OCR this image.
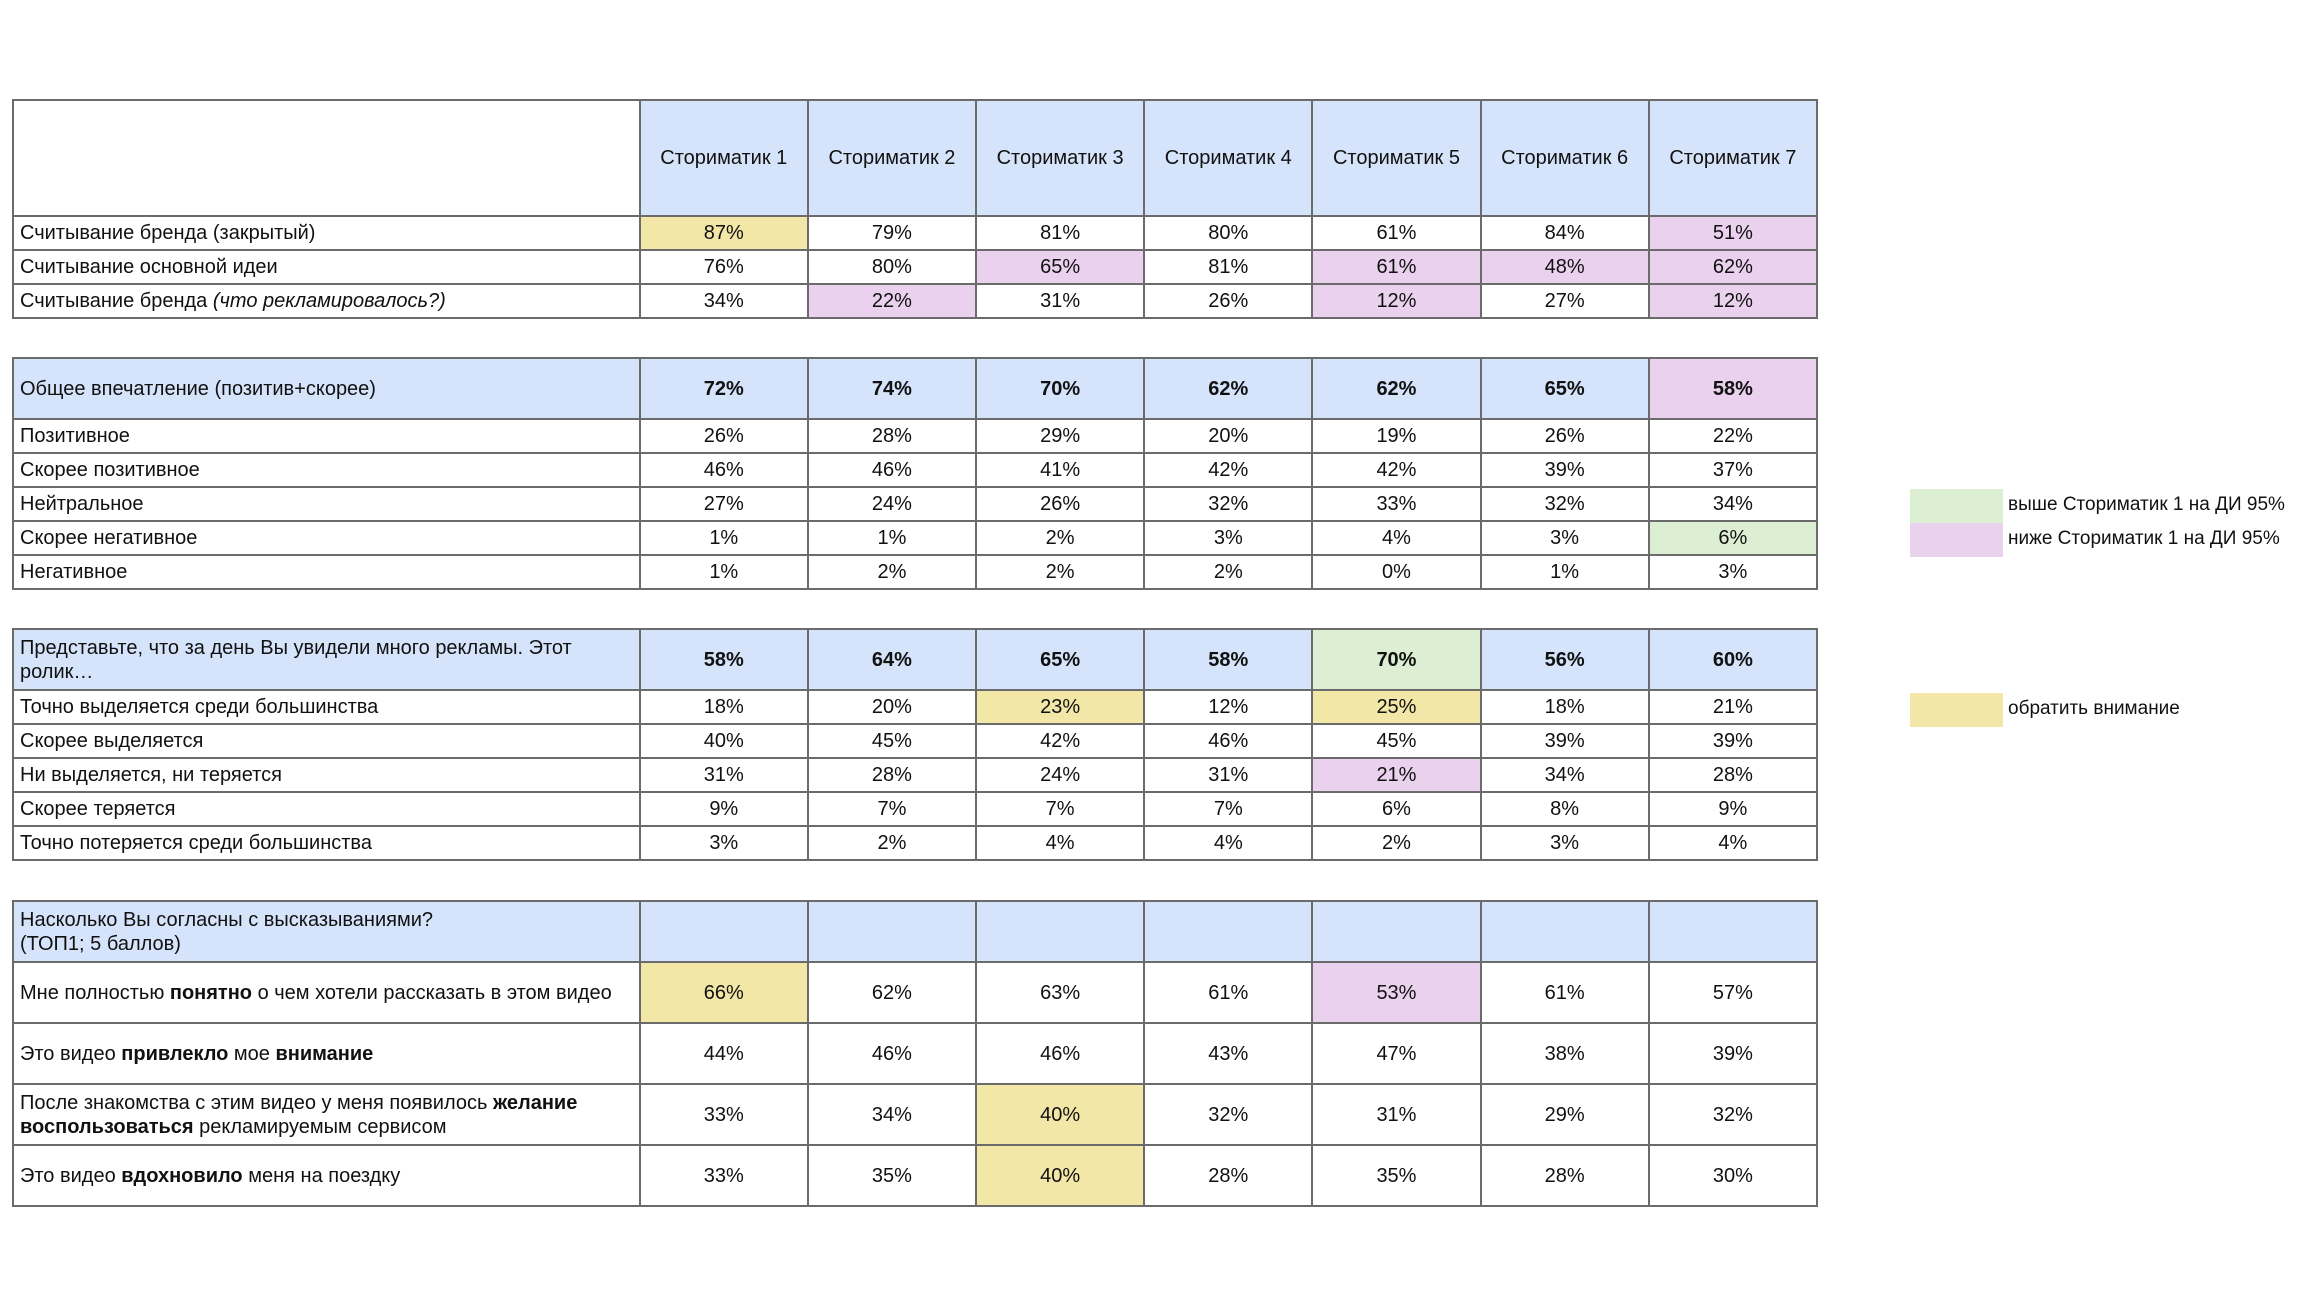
	Сториматик 1	Сториматик 2	Сториматик 3	Сториматик 4	Сториматик 5	Сториматик 6	Сториматик 7
Считывание бренда (закрытый)	87%	79%	81%	80%	61%	84%	51%
Считывание основной идеи	76%	80%	65%	81%	61%	48%	62%
Считывание бренда (что рекламировалось?)	34%	22%	31%	26%	12%	27%	12%
Общее впечатление (позитив+скорее)	72%	74%	70%	62%	62%	65%	58%
Позитивное	26%	28%	29%	20%	19%	26%	22%
Скорее позитивное	46%	46%	41%	42%	42%	39%	37%
Нейтральное	27%	24%	26%	32%	33%	32%	34%
Скорее негативное	1%	1%	2%	3%	4%	3%	6%
Негативное	1%	2%	2%	2%	0%	1%	3%
Представьте, что за день Вы увидели много рекламы. Этот ролик…	58%	64%	65%	58%	70%	56%	60%
Точно выделяется среди большинства	18%	20%	23%	12%	25%	18%	21%
Скорее выделяется	40%	45%	42%	46%	45%	39%	39%
Ни выделяется, ни теряется	31%	28%	24%	31%	21%	34%	28%
Скорее теряется	9%	7%	7%	7%	6%	8%	9%
Точно потеряется среди большинства	3%	2%	4%	4%	2%	3%	4%
Насколько Вы согласны с высказываниями?
(ТОП1; 5 баллов)							
Мне полностью понятно о чем хотели рассказать в этом видео	66%	62%	63%	61%	53%	61%	57%
Это видео привлекло мое внимание	44%	46%	46%	43%	47%	38%	39%
После знакомства с этим видео у меня появилось желание воспользоваться рекламируемым сервисом	33%	34%	40%	32%	31%	29%	32%
Это видео вдохновило меня на поездку	33%	35%	40%	28%	35%	28%	30%
выше Сториматик 1 на ДИ 95%
ниже Сториматик 1 на ДИ 95%
обратить внимание
